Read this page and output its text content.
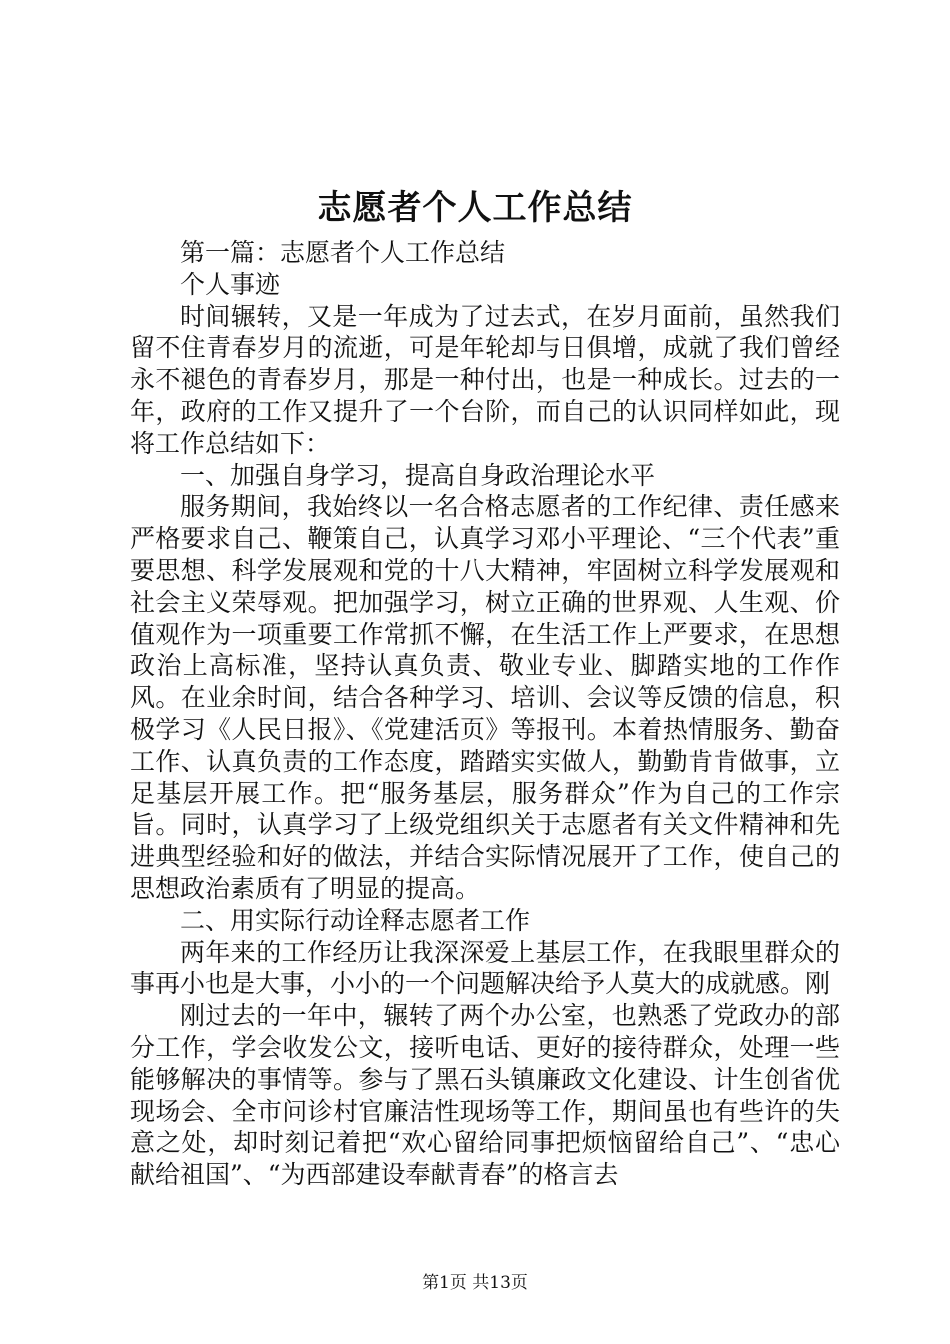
志愿者个人工作总结

第一篇：志愿者个人工作总结

个人事迹

时间辗转，又是一年成为了过去式，在岁月面前，虽然我们留不住青春岁月的流逝，可是年轮却与日俱增，成就了我们曾经永不褪色的青春岁月，那是一种付出，也是一种成长。过去的一年，政府的工作又提升了一个台阶，而自己的认识同样如此，现将工作总结如下：

一、加强自身学习，提高自身政治理论水平

服务期间，我始终以一名合格志愿者的工作纪律、责任感来严格要求自己、鞭策自己，认真学习邓小平理论、“三个代表”重要思想、科学发展观和党的十八大精神，牢固树立科学发展观和社会主义荣辱观。把加强学习，树立正确的世界观、人生观、价值观作为一项重要工作常抓不懈，在生活工作上严要求，在思想政治上高标准，坚持认真负责、敬业专业、脚踏实地的工作作风。在业余时间，结合各种学习、培训、会议等反馈的信息，积极学习《人民日报》、《党建活页》等报刊。本着热情服务、勤奋工作、认真负责的工作态度，踏踏实实做人，勤勤肯肯做事，立足基层开展工作。把“服务基层，服务群众”作为自己的工作宗旨。同时，认真学习了上级党组织关于志愿者有关文件精神和先进典型经验和好的做法，并结合实际情况展开了工作，使自己的思想政治素质有了明显的提高。

二、用实际行动诠释志愿者工作

两年来的工作经历让我深深爱上基层工作，在我眼里群众的事再小也是大事，小小的一个问题解决给予人莫大的成就感。刚

刚过去的一年中，辗转了两个办公室，也熟悉了党政办的部分工作，学会收发公文，接听电话、更好的接待群众，处理一些能够解决的事情等。参与了黑石头镇廉政文化建设、计生创省优现场会、全市问诊村官廉洁性现场等工作，期间虽也有些许的失意之处，却时刻记着把“欢心留给同事把烦恼留给自己”、“忠心献给祖国”、“为西部建设奉献青春”的格言去

第1页 共13页
